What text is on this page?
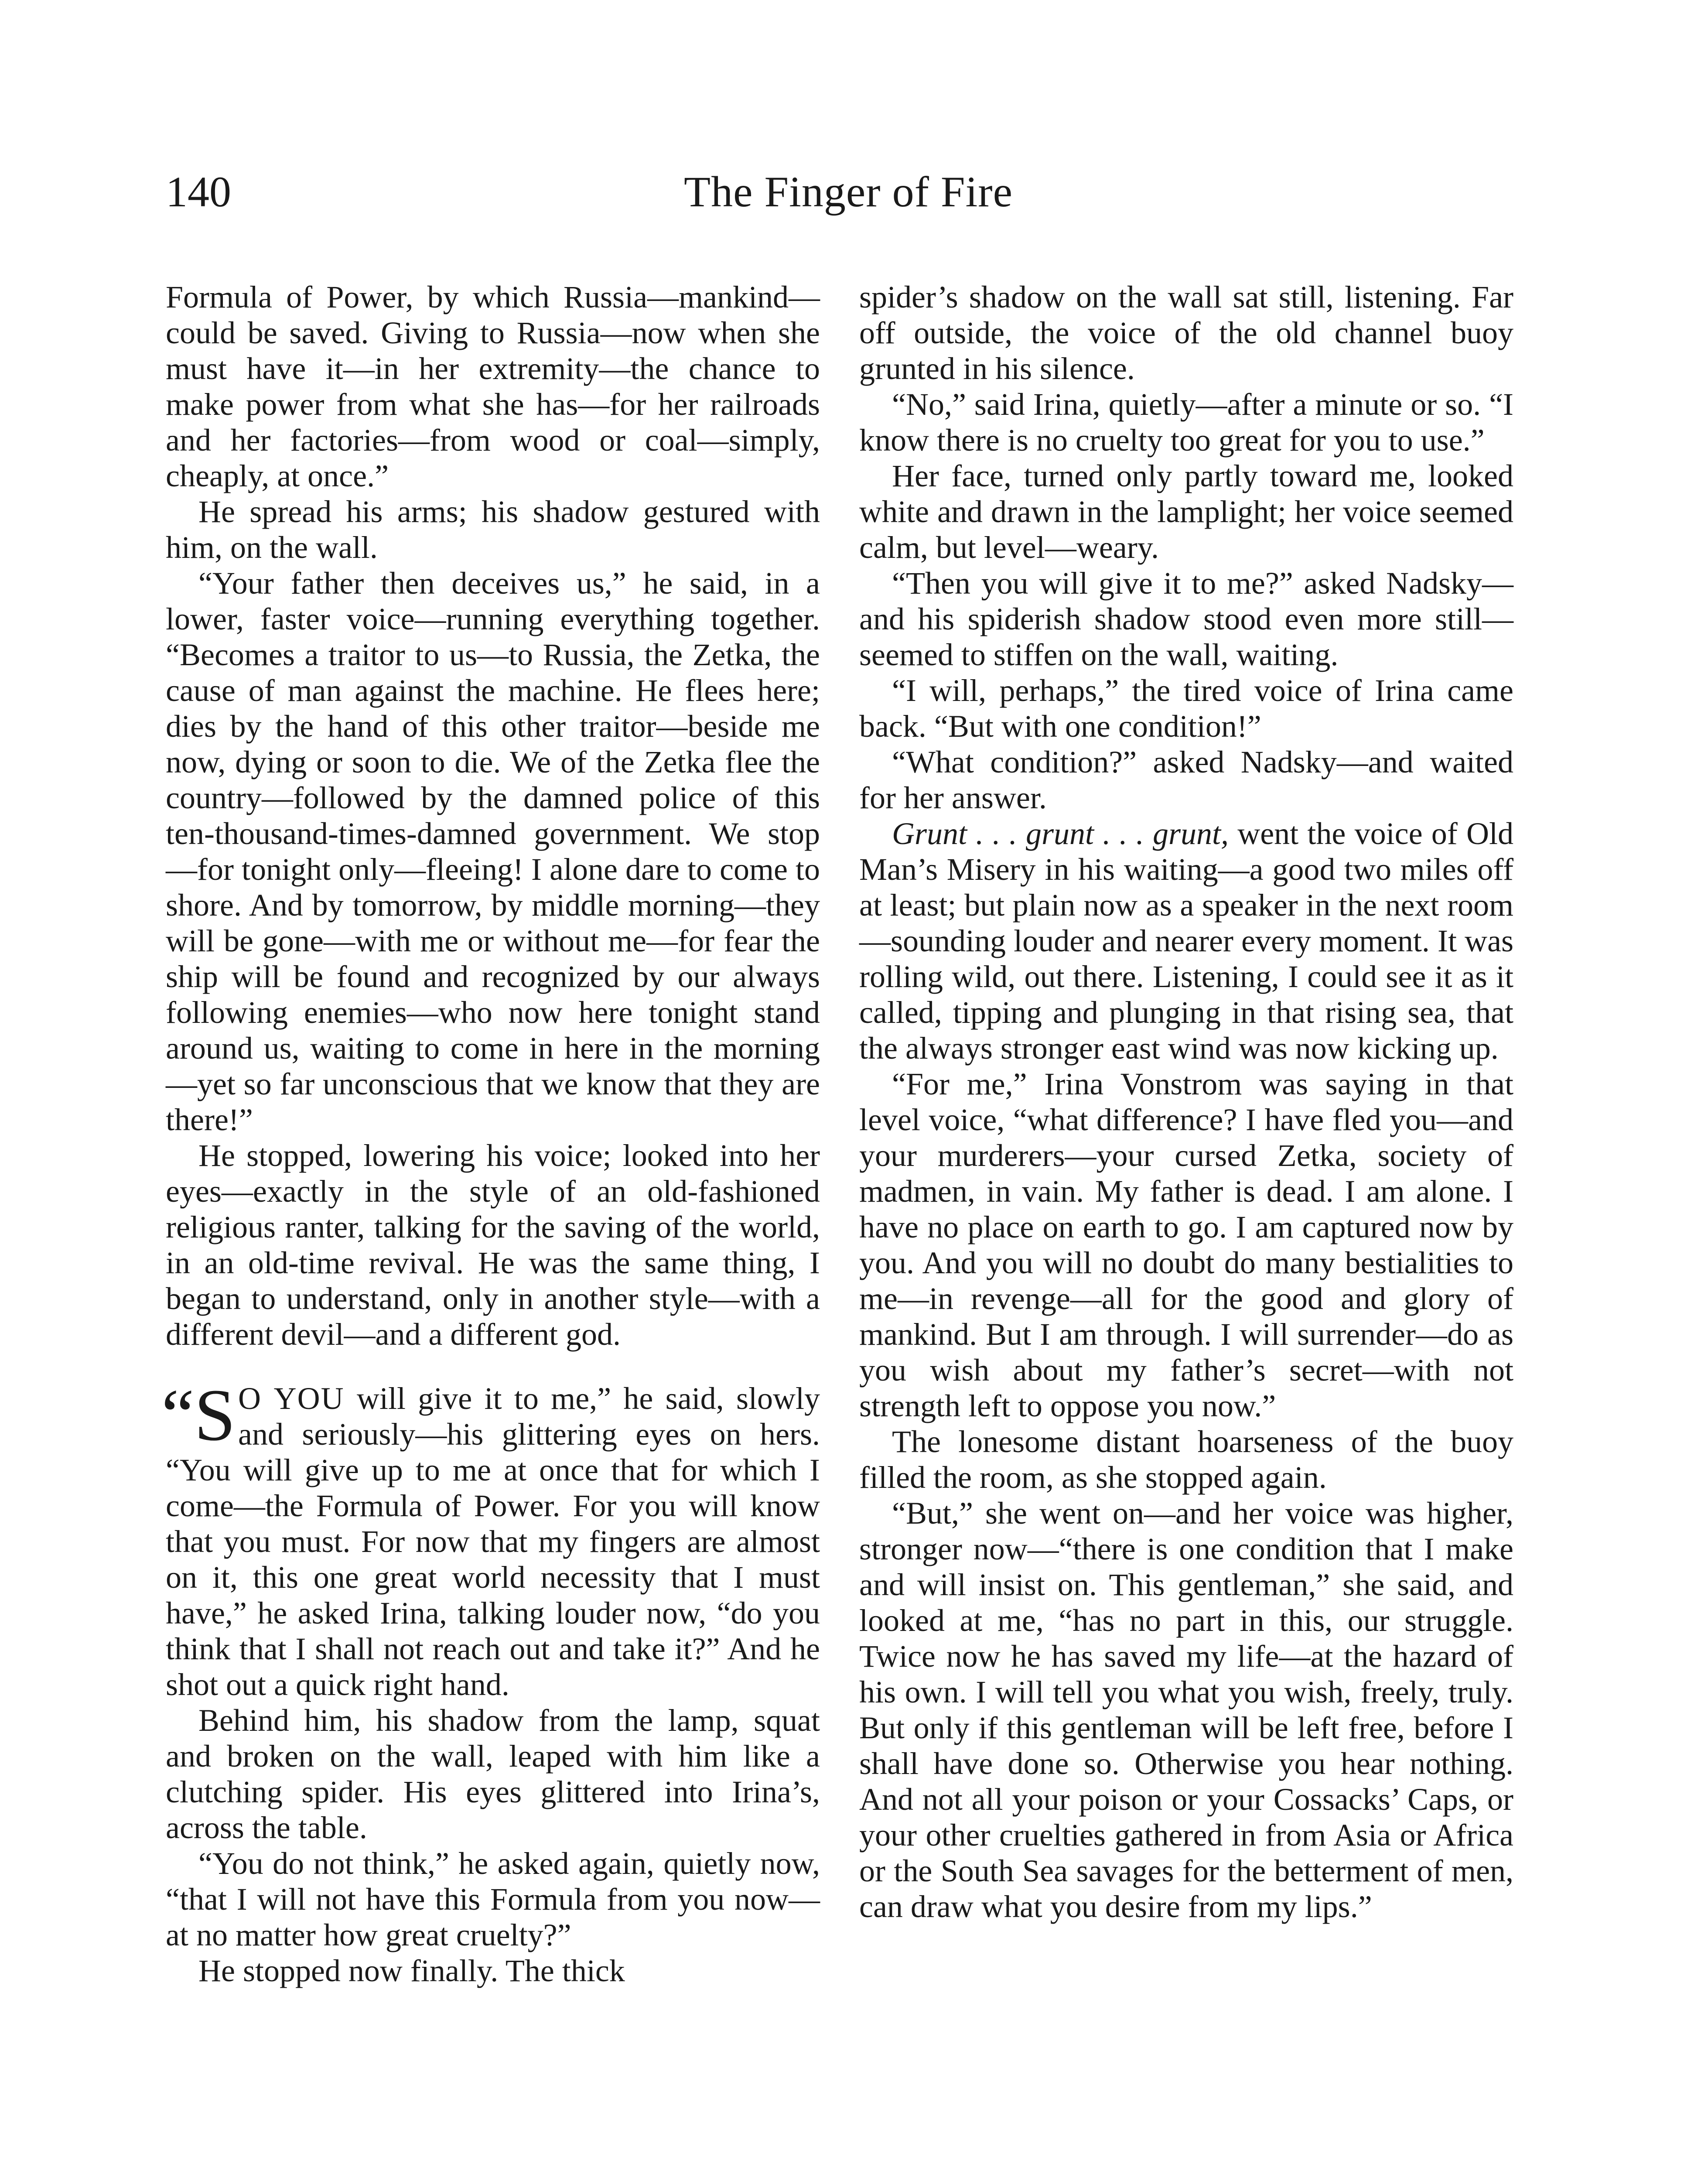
140	The Finger of Fire

Formula of Power, by which Russia—mankind—could be saved. Giving to Russia—now when she must have it—in her extremity—the chance to make power from what she has—for her railroads and her factories—from wood or coal—simply, cheaply, at once.”

He spread his arms; his shadow gestured with him, on the wall.

“Your father then deceives us,” he said, in a lower, faster voice—running everything together. “Becomes a traitor to us—to Russia, the Zetka, the cause of man against the machine. He flees here; dies by the hand of this other traitor—beside me now, dying or soon to die. We of the Zetka flee the country—followed by the damned police of this ten-thousand-times-damned government. We stop—for tonight only—fleeing! I alone dare to come to shore. And by tomorrow, by middle morning—they will be gone—with me or without me—for fear the ship will be found and recognized by our always following enemies—who now here tonight stand around us, waiting to come in here in the morning—yet so far unconscious that we know that they are there!”

He stopped, lowering his voice; looked into her eyes—exactly in the style of an old-fashioned religious ranter, talking for the saving of the world, in an old-time revival. He was the same thing, I began to understand, only in another style—with a different devil—and a different god.

“S O YOU will give it to me,” he said, slowly and seriously—his glittering eyes on hers. “You will give up to me at once that for which I come—the Formula of Power. For you will know that you must. For now that my fingers are almost on it, this one great world necessity that I must have,” he asked Irina, talking louder now, “do you think that I shall not reach out and take it?” And he shot out a quick right hand.

Behind him, his shadow from the lamp, squat and broken on the wall, leaped with him like a clutching spider. His eyes glittered into Irina’s, across the table.

“You do not think,” he asked again, quietly now, “that I will not have this Formula from you now—at no matter how great cruelty?”

He stopped now finally. The thick

spider’s shadow on the wall sat still, listening. Far off outside, the voice of the old channel buoy grunted in his silence.

“No,” said Irina, quietly—after a minute or so. “I know there is no cruelty too great for you to use.”

Her face, turned only partly toward me, looked white and drawn in the lamplight; her voice seemed calm, but level—weary.

“Then you will give it to me?” asked Nadsky—and his spiderish shadow stood even more still—seemed to stiffen on the wall, waiting.

“I will, perhaps,” the tired voice of Irina came back. “But with one condition!”

“What condition?” asked Nadsky—and waited for her answer.

Grunt . . . grunt . . . grunt, went the voice of Old Man’s Misery in his waiting—a good two miles off at least; but plain now as a speaker in the next room—sounding louder and nearer every moment. It was rolling wild, out there. Listening, I could see it as it called, tipping and plunging in that rising sea, that the always stronger east wind was now kicking up.

“For me,” Irina Vonstrom was saying in that level voice, “what difference? I have fled you—and your murderers—your cursed Zetka, society of madmen, in vain. My father is dead. I am alone. I have no place on earth to go. I am captured now by you. And you will no doubt do many bestialities to me—in revenge—all for the good and glory of mankind. But I am through. I will surrender—do as you wish about my father’s secret—with not strength left to oppose you now.”

The lonesome distant hoarseness of the buoy filled the room, as she stopped again.

“But,” she went on—and her voice was higher, stronger now—“there is one condition that I make and will insist on. This gentleman,” she said, and looked at me, “has no part in this, our struggle. Twice now he has saved my life—at the hazard of his own. I will tell you what you wish, freely, truly. But only if this gentleman will be left free, before I shall have done so. Otherwise you hear nothing. And not all your poison or your Cossacks’ Caps, or your other cruelties gathered in from Asia or Africa or the South Sea savages for the betterment of men, can draw what you desire from my lips.”
